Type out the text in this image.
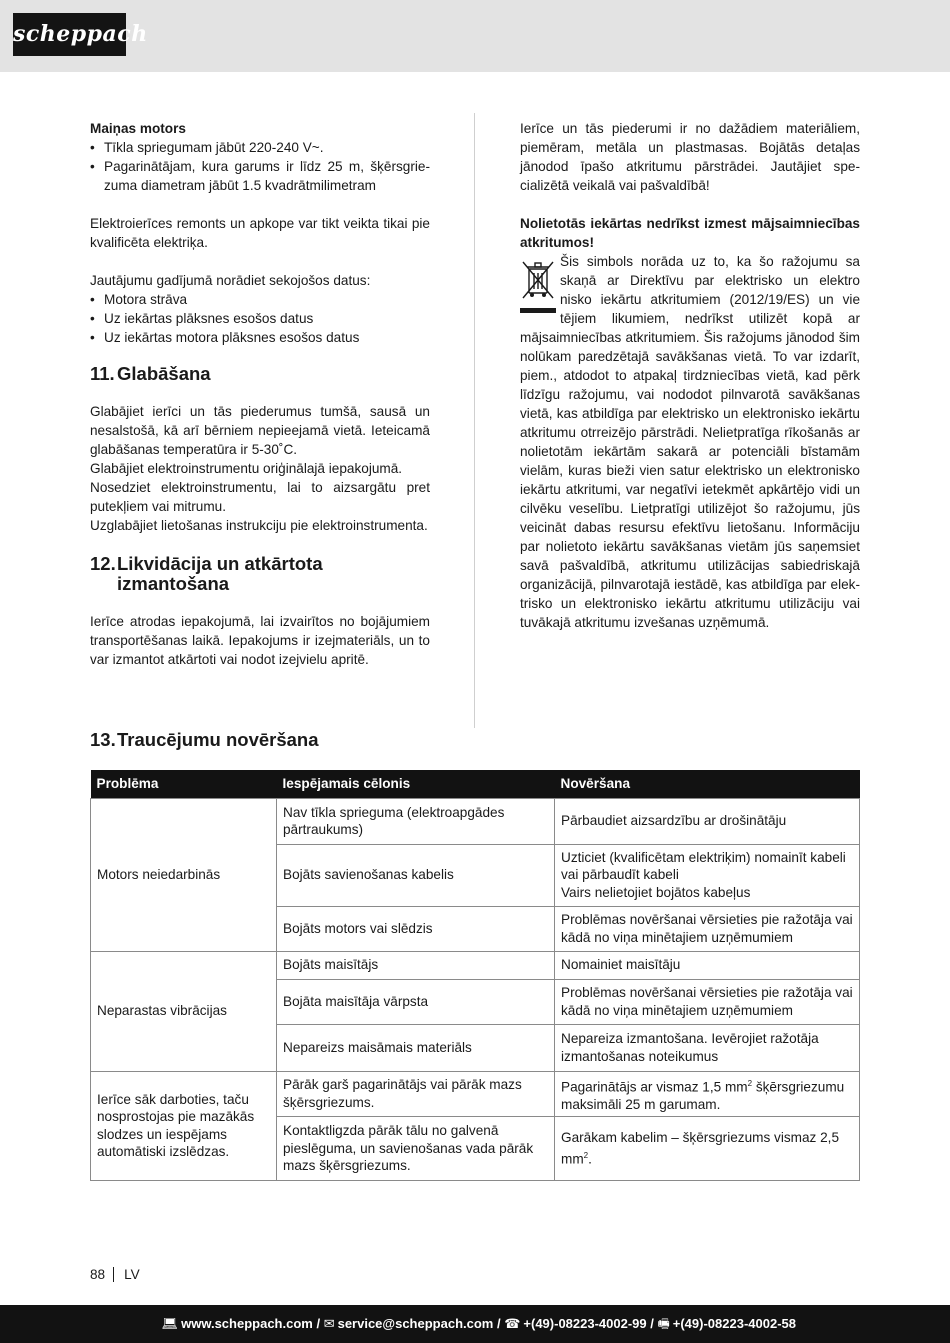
scheppach
Maiņas motors
• Tīkla spriegumam jābūt 220-240 V~.
• Pagarinātājam, kura garums ir līdz 25 m, šķērsgriezuma diametram jābūt 1.5 kvadrātmilimetram
Elektroierīces remonts un apkope var tikt veikta tikai pie kvalificēta elektriķa.
Jautājumu gadījumā norādiet sekojošos datus:
• Motora strāva
• Uz iekārtas plāksnes esošos datus
• Uz iekārtas motora plāksnes esošos datus
11. Glabāšana
Glabājiet ierīci un tās piederumus tumšā, sausā un nesalstošā, kā arī bērniem nepieejamā vietā. Ieteicamā glabāšanas temperatūra ir 5-30˚C.
Glabājiet elektroinstrumentu oriģinālajā iepakojumā.
Nosedziet elektroinstrumentu, lai to aizsargātu pret putekļiem vai mitrumu.
Uzglabājiet lietošanas instrukciju pie elektroinstrumenta.
12. Likvidācija un atkārtota izmantošana
Ierīce atrodas iepakojumā, lai izvairītos no bojājumiem transportēšanas laikā. Iepakojums ir izejmateriāls, un to var izmantot atkārtoti vai nodot izejvielu apritē.
Ierīce un tās piederumi ir no dažādiem materiāliem, piemēram, metāla un plastmasas. Bojātās detaļas jānodod īpašo atkritumu pārstrādei. Jautājiet specializētā veikalā vai pašvaldībā!
Nolietotās iekārtas nedrīkst izmest mājsaimniecības atkritumos!
Šis simbols norāda uz to, ka šo ražojumu sa
skaņā ar Direktīvu par elektrisko un elektro
nisko iekārtu atkritumiem (2012/19/ES) un vie
tējiem likumiem, nedrīkst utilizēt kopā ar
mājsaimniecības atkritumiem. Šis ražojums jānodod šim nolūkam paredzētajā savākšanas vietā. To var izdarīt, piem., atdodot to atpakaļ tirdzniecības vietā, kad pērk līdzīgu ražojumu, vai nododot pilnvarotā savākšanas vietā, kas atbildīga par elektrisko un elektronisko iekārtu atkritumu otrreizējo pārstrādi. Nelietpratīga rīkošanās ar nolietotām iekārtām sakarā ar potenciāli bīstamām vielām, kuras bieži vien satur elektrisko un elektronisko iekārtu atkritumi, var negatīvi ietekmēt apkārtējo vidi un cilvēku veselību. Lietpratīgi utilizējot šo ražojumu, jūs veicināt dabas resursu efektīvu lietošanu. Informāciju par nolietoto iekārtu savākšanas vietām jūs saņemsiet savā pašvaldībā, atkritumu utilizācijas sabiedriskajā organizācijā, pilnvarotajā iestādē, kas atbildīga par elektrisko un elektronisko iekārtu atkritumu utilizāciju vai tuvākajā atkritumu izvešanas uzņēmumā.
13. Traucējumu novēršana
Problēma	Iespējamais cēlonis	Novēršana
Motors neiedarbinās	Nav tīkla sprieguma (elektroapgādes pārtraukums)	Pārbaudiet aizsardzību ar drošinātāju
	Bojāts savienošanas kabelis	Uzticiet (kvalificētam elektriķim) nomainīt kabeli vai pārbaudīt kabeli
Vairs nelietojiet bojātos kabeļus
	Bojāts motors vai slēdzis	Problēmas novēršanai vērsieties pie ražotāja vai kādā no viņa minētajiem uzņēmumiem
Neparastas vibrācijas	Bojāts maisītājs	Nomainiet maisītāju
	Bojāta maisītāja vārpsta	Problēmas novēršanai vērsieties pie ražotāja vai kādā no viņa minētajiem uzņēmumiem
	Nepareizs maisāmais materiāls	Nepareiza izmantošana. Ievērojiet ražotāja izmantošanas noteikumus
Ierīce sāk darboties, taču nosprostojas pie mazākās slodzes un iespējams automātiski izslēdzas.	Pārāk garš pagarinātājs vai pārāk mazs šķērsgriezums.	Pagarinātājs ar vismaz 1,5 $mm^2$ šķērsgriezumu maksimāli 25 m garumam.
	Kontaktligzda pārāk tālu no galvenā pieslēguma, un savienošanas vada pārāk mazs šķērsgriezums.	Garākam kabelim – šķērsgriezums vismaz 2,5 $mm^2$.
88 LV
💻︎ www.scheppach.com / ✉︎ service@scheppach.com / ☎︎ +(49)-08223-4002-99 / 🖷︎ +(49)-08223-4002-58
